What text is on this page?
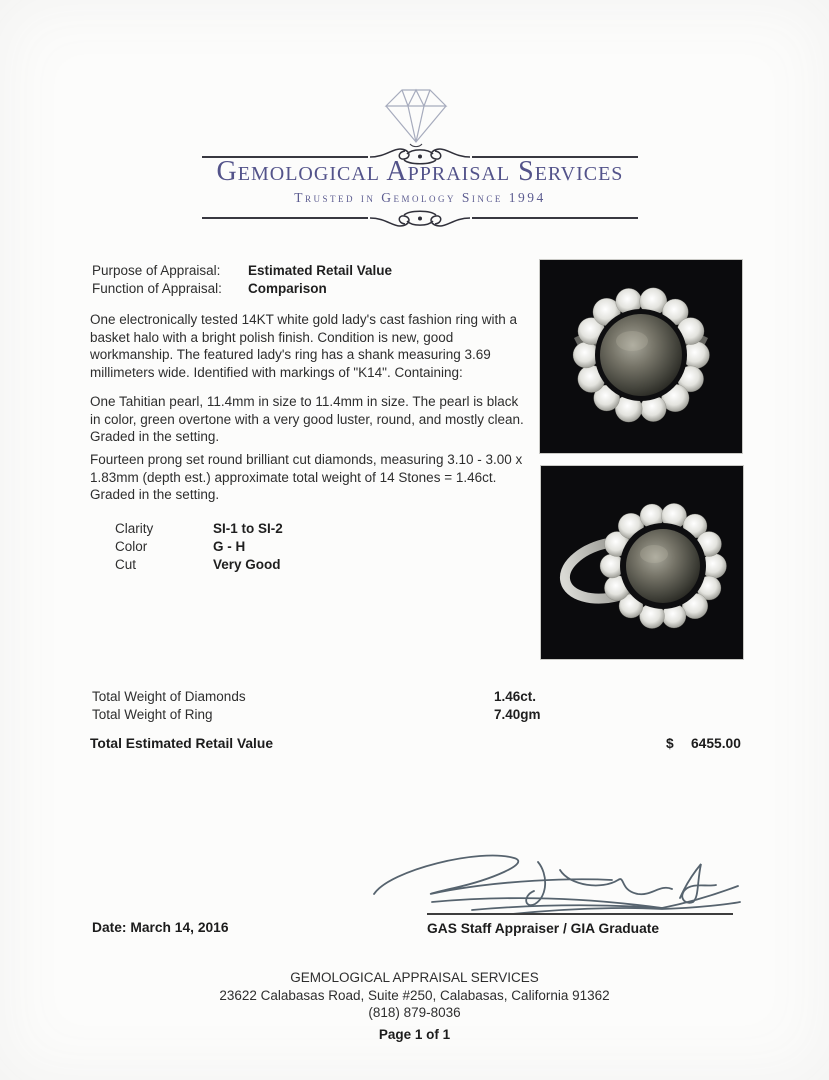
Gemological Appraisal Services
Trusted in Gemology Since 1994
Purpose of Appraisal:	Estimated Retail Value
Function of Appraisal:	Comparison

One electronically tested 14KT white gold lady's cast fashion ring with a basket halo with a bright polish finish. Condition is new, good workmanship. The featured lady's ring has a shank measuring 3.69 millimeters wide. Identified with markings of "K14". Containing:

One Tahitian pearl, 11.4mm in size to 11.4mm in size. The pearl is black in color, green overtone with a very good luster, round, and mostly clean. Graded in the setting.

Fourteen prong set round brilliant cut diamonds, measuring 3.10 - 3.00 x 1.83mm (depth est.) approximate total weight of 14 Stones = 1.46ct. Graded in the setting.

Clarity	SI-1 to SI-2
Color	G - H
Cut	Very Good
Total Weight of Diamonds	1.46ct.
Total Weight of Ring	7.40gm
Total Estimated Retail Value	$ 6455.00
Date: March 14, 2016	GAS Staff Appraiser / GIA Graduate
GEMOLOGICAL APPRAISAL SERVICES
23622 Calabasas Road, Suite #250, Calabasas, California 91362
(818) 879-8036
Page 1 of 1
